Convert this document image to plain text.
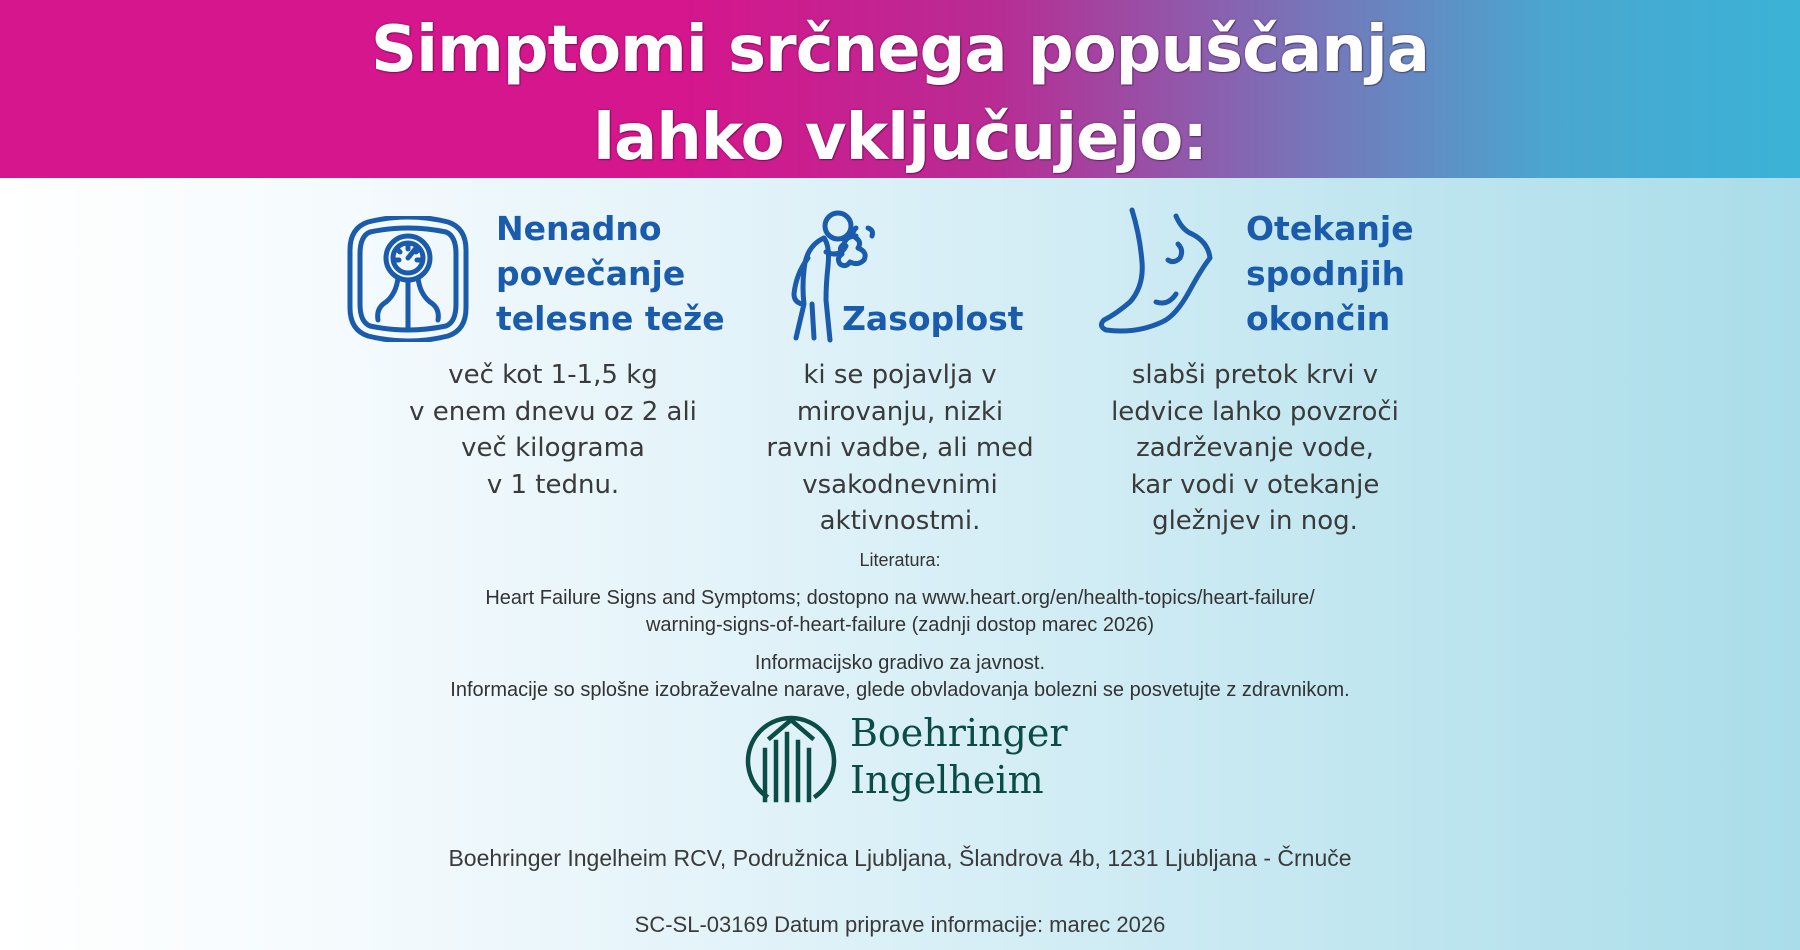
Simptomi srčnega popuščanja
lahko vključujejo:
Nenadno
povečanje
telesne teže
več kot 1-1,5 kg
v enem dnevu oz 2 ali
več kilograma
v 1 tednu.
Zasoplost
ki se pojavlja v
mirovanju, nizki
ravni vadbe, ali med
vsakodnevnimi
aktivnostmi.
Otekanje
spodnjih
okončin
slabši pretok krvi v
ledvice lahko povzroči
zadrževanje vode,
kar vodi v otekanje
gležnjev in nog.
Literatura:
Heart Failure Signs and Symptoms; dostopno na www.heart.org/en/health-topics/heart-failure/
warning-signs-of-heart-failure (zadnji dostop marec 2026)
Informacijsko gradivo za javnost.
Informacije so splošne izobraževalne narave, glede obvladovanja bolezni se posvetujte z zdravnikom.
Boehringer
Ingelheim
Boehringer Ingelheim RCV, Podružnica Ljubljana, Šlandrova 4b, 1231 Ljubljana - Črnuče
SC-SL-03169 Datum priprave informacije: marec 2026
